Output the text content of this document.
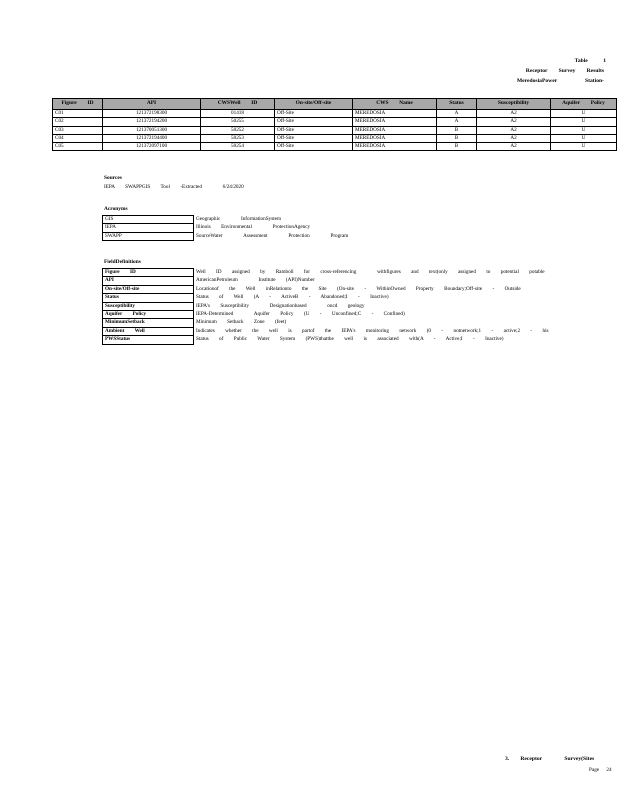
Table	1
Receptor        Survey        Results
MeredosiaPower                    Station-
Figure        ID	API	CWSWell        ID	On-site/Off-site	CWS        Name	Status	Susceptibility	Aquifer        Policy
C01	121372198300	01418	Off-Site	MEREDOSIA	A	A2	U
C02	121372194200	50255	Off-Site	MEREDOSIA	A	A2	U
C03	121370051300	50252	Off-Site	MEREDOSIA	B	A2	U
C04	121372194400	50253	Off-Site	MEREDOSIA	B	A2	U
C05	121372097100	50254	Off-Site	MEREDOSIA	B	A2	U
Sources
IEPA        SWAPPGIS        Tool        -Extracted                6/24/2020
Acronyms
GIS	Geographic                InformationSystem
IEPA	Illinois        Environmental                ProtectionAgency
SWAPP	SourceWater                Assessment                Protection                Program
FieldDefinitions
Figure        ID	Well        ID        assigned        by        Ramboll        for        cross-referencing                withfigures        and        text(only        assigned        to        potential        potable
API	AmericanPetroleum                Institute        (API)Number
On-site/Off-site	Locationof        the        Well        inRelationto        the        Site        (On-site        -        WithinOwned        Property        Boundary;Off-site        -        Outside
Status	Status        of        Well        (A        -        ActiveB        -        Abandoned;I        -        Inactive)
Susceptibility	IEPA's        Susceptibility                Designationbased                oncd        geology
Aquifer        Policy	IEPA-Determined                Aquifer        Policy        (U        -        Unconfined;C        -        Confined)
MinimumSetback	Minimum        Setback        Zone        (feet)
Ambient        Well	Indicates        whether        the        well        is        partof        the        IEPA's        monitoring        network        (0        -        notnetwork;1        -        active;2        -        his
PWSStatus	Status        of        Public        Water        System        (PWS)thatthe        well        is        associated        with(A        -        Active;I        -        Inactive)
3.        Receptor                Survey(Sites
Page 24
